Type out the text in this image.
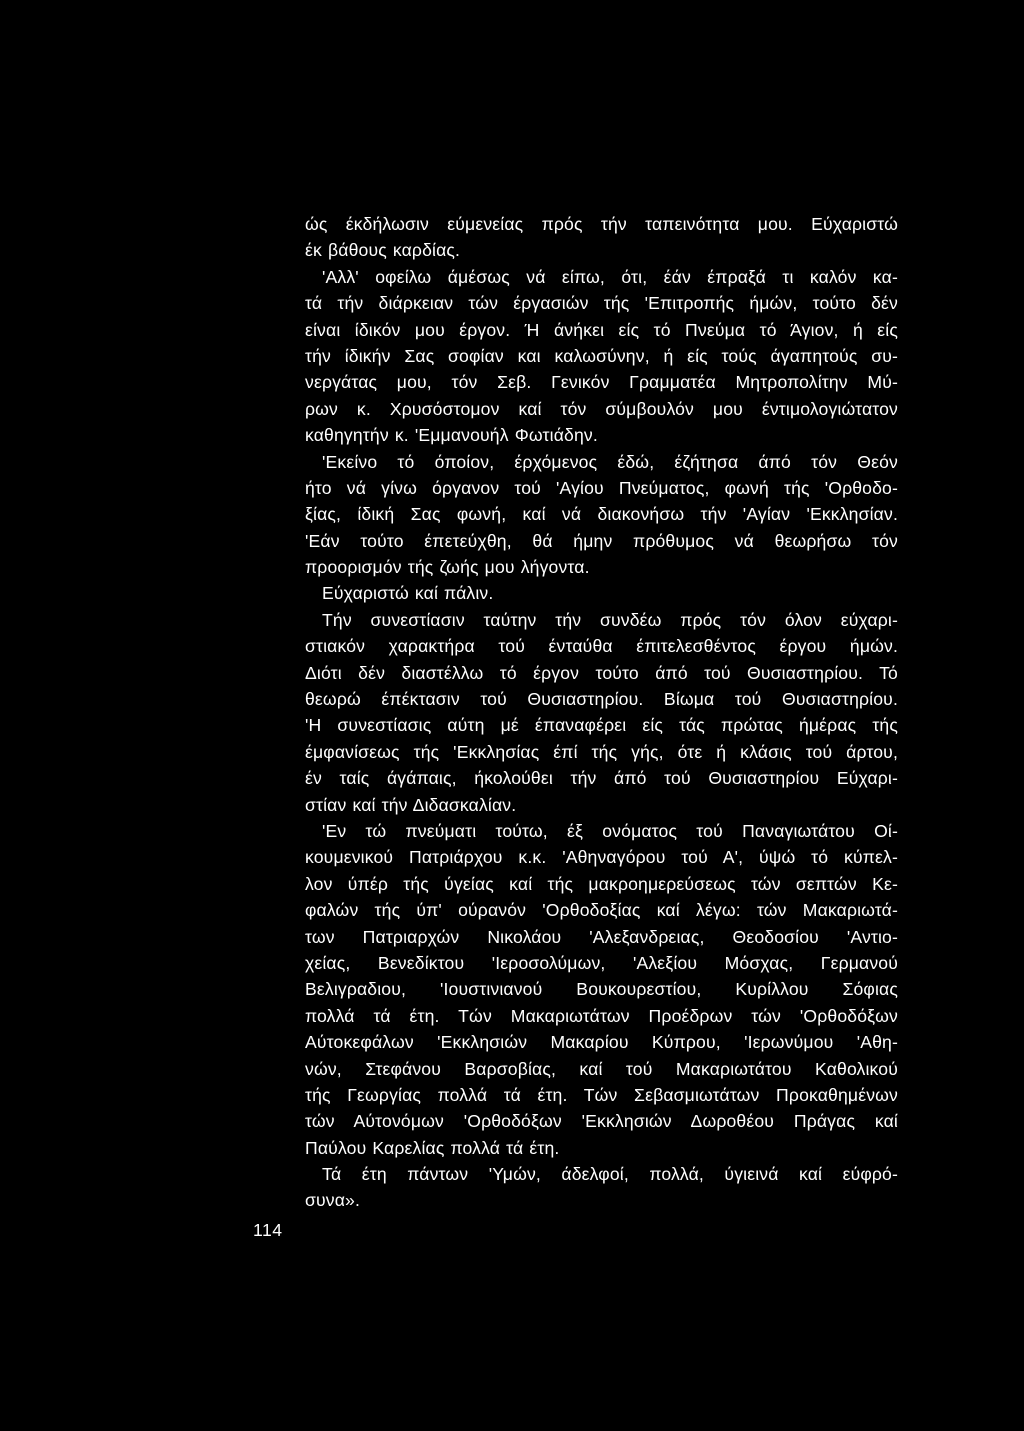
ώς έκδήλωσιν εύμενείας πρός τήν ταπεινότητα μου. Εύχαριστώ
έκ βάθους καρδίας.
'Αλλ' οφείλω άμέσως νά είπω, ότι, έάν έπραξά τι καλόν κα-
τά τήν διάρκειαν τών έργασιών τής 'Επιτροπής ήμών, τούτο δέν
είναι ίδικόν μου έργον. Ή άνήκει είς τό Πνεύμα τό Άγιον, ή είς
τήν ίδικήν Σας σοφίαν και καλωσύνην, ή είς τούς άγαπητούς συ-
νεργάτας μου, τόν Σεβ. Γενικόν Γραμματέα Μητροπολίτην Μύ-
ρων κ. Χρυσόστομον καί τόν σύμβουλόν μου έντιμολογιώτατον
καθηγητήν κ. 'Εμμανουήλ Φωτιάδην.
'Εκείνο τό όποίον, έρχόμενος έδώ, έζήτησα άπό τόν Θεόν
ήτο νά γίνω όργανον τού 'Αγίου Πνεύματος, φωνή τής 'Ορθοδο-
ξίας, ίδική Σας φωνή, καί νά διακονήσω τήν 'Αγίαν 'Εκκλησίαν.
'Εάν τούτο έπετεύχθη, θά ήμην πρόθυμος νά θεωρήσω τόν
προορισμόν τής ζωής μου λήγοντα.
Εύχαριστώ καί πάλιν.
Τήν συνεστίασιν ταύτην τήν συνδέω πρός τόν όλον εύχαρι-
στιακόν χαρακτήρα τού ένταύθα έπιτελεσθέντος έργου ήμών.
Διότι δέν διαστέλλω τό έργον τούτο άπό τού Θυσιαστηρίου. Τό
θεωρώ έπέκτασιν τού Θυσιαστηρίου. Βίωμα τού Θυσιαστηρίου.
'Η συνεστίασις αύτη μέ έπαναφέρει είς τάς πρώτας ήμέρας τής
έμφανίσεως τής 'Εκκλησίας έπί τής γής, ότε ή κλάσις τού άρτου,
έν ταίς άγάπαις, ήκολούθει τήν άπό τού Θυσιαστηρίου Εύχαρι-
στίαν καί τήν Διδασκαλίαν.
'Εν τώ πνεύματι τούτω, έξ ονόματος τού Παναγιωτάτου Οί-
κουμενικού Πατριάρχου κ.κ. 'Αθηναγόρου τού Α', ύψώ τό κύπελ-
λον ύπέρ τής ύγείας καί τής μακροημερεύσεως τών σεπτών Κε-
φαλών τής ύπ' ούρανόν 'Ορθοδοξίας καί λέγω: τών Μακαριωτά-
των Πατριαρχών Νικολάου 'Αλεξανδρειας, Θεοδοσίου 'Αντιο-
χείας, Βενεδίκτου 'Ιεροσολύμων, 'Αλεξίου Μόσχας, Γερμανού
Βελιγραδιου, 'Ιουστινιανού Βουκουρεστίου, Κυρίλλου Σόφιας
πολλά τά έτη. Τών Μακαριωτάτων Προέδρων τών 'Ορθοδόξων
Αύτοκεφάλων 'Εκκλησιών Μακαρίου Κύπρου, 'Ιερωνύμου 'Αθη-
νών, Στεφάνου Βαρσοβίας, καί τού Μακαριωτάτου Καθολικού
τής Γεωργίας πολλά τά έτη. Τών Σεβασμιωτάτων Προκαθημένων
τών Αύτονόμων 'Ορθοδόξων 'Εκκλησιών Δωροθέου Πράγας καί
Παύλου Καρελίας πολλά τά έτη.
Τά έτη πάντων 'Υμών, άδελφοί, πολλά, ύγιεινά καί εύφρό-
συνα».
114
